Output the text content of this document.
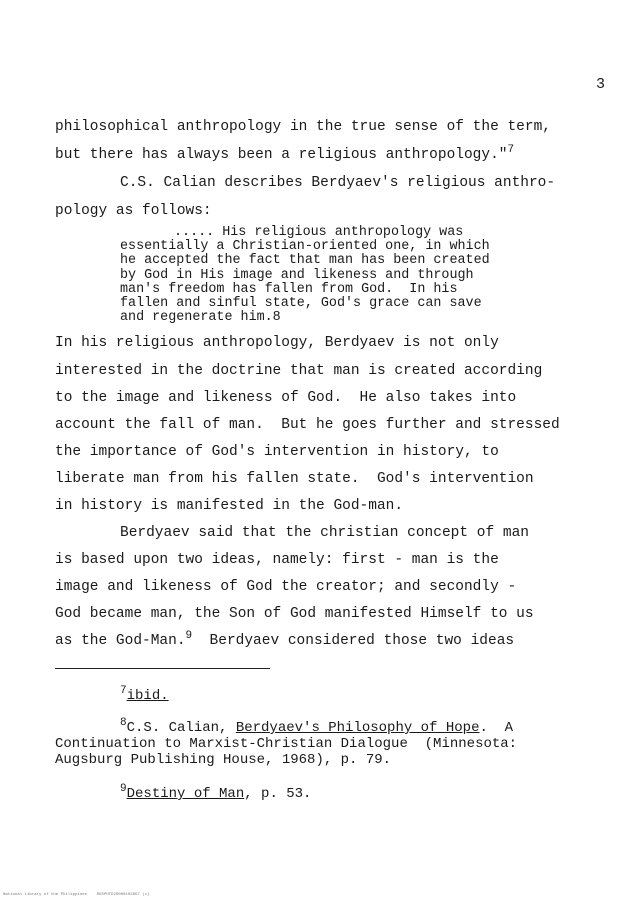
3
philosophical anthropology in the true sense of the term,
but there has always been a religious anthropology."$^7$
C.S. Calian describes Berdyaev's religious anthro-
pology as follows:
..... His religious anthropology was
essentially a Christian-oriented one, in which
he accepted the fact that man has been created
by God in His image and likeness and through
man's freedom has fallen from God.  In his
fallen and sinful state, God's grace can save
and regenerate him.8
In his religious anthropology, Berdyaev is not only
interested in the doctrine that man is created according
to the image and likeness of God.  He also takes into
account the fall of man.  But he goes further and stressed
the importance of God's intervention in history, to
liberate man from his fallen state.  God's intervention
in history is manifested in the God-man.
Berdyaev said that the christian concept of man
is based upon two ideas, namely: first - man is the
image and likeness of God the creator; and secondly -
God became man, the Son of God manifested Himself to us
as the God-Man.$^9$  Berdyaev considered those two ideas
$^7$ibid.
$^8$C.S. Calian, Berdyaev's Philosophy of Hope.  A
Continuation to Marxist-Christian Dialogue  (Minnesota:
Augsburg Publishing House, 1968), p. 79.
$^9$Destiny of Man, p. 53.
National Library of the Philippines    RUSPHTD20000102857 (c)
